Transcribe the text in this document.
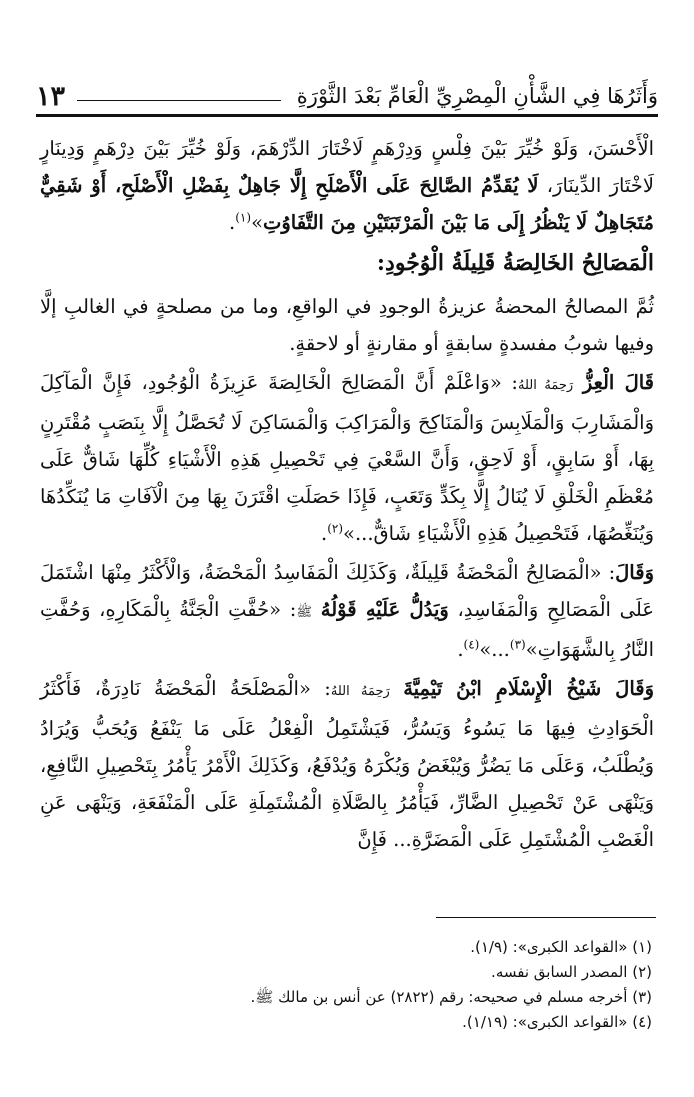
وَأَثَرُهَا فِي الشَّأْنِ الْمِصْرِيِّ الْعَامِّ بَعْدَ الثَّوْرَةِ
١٣

الْأَحْسَنَ، وَلَوْ خُيِّرَ بَيْنَ فِلْسٍ وَدِرْهَمٍ لَاخْتَارَ الدِّرْهَمَ، وَلَوْ خُيِّرَ بَيْنَ دِرْهَمٍ وَدِينَارٍ لَاخْتَارَ الدِّينَارَ، لَا يُقَدِّمُ الصَّالِحَ عَلَى الْأَصْلَحِ إِلَّا جَاهِلٌ بِفَضْلِ الْأَصْلَحِ، أَوْ شَقِيٌّ مُتَجَاهِلٌ لَا يَنْظُرُ إِلَى مَا بَيْنَ الْمَرْتَبَتَيْنِ مِنَ التَّفَاوُتِ»$^{(١)}$.

الْمَصَالِحُ الخَالِصَةُ قَلِيلَةُ الْوُجُودِ:

ثُمَّ المصالحُ المحضةُ عزيزةُ الوجودِ في الواقعِ، وما من مصلحةٍ في الغالبِ إلَّا وفيها شوبُ مفسدةٍ سابقةٍ أو مقارنةٍ أو لاحقةٍ.

قَالَ الْعِزُّ رَحِمَهُ اللهُ: «وَاعْلَمْ أَنَّ الْمَصَالِحَ الْخَالِصَةَ عَزِيزَةُ الْوُجُودِ، فَإِنَّ الْمَآكِلَ وَالْمَشَارِبَ وَالْمَلَابِسَ وَالْمَنَاكِحَ وَالْمَرَاكِبَ وَالْمَسَاكِنَ لَا تُحَصَّلُ إِلَّا بِنَصَبٍ مُقْتَرِنٍ بِهَا، أَوْ سَابِقٍ، أَوْ لَاحِقٍ، وَأَنَّ السَّعْيَ فِي تَحْصِيلِ هَذِهِ الْأَشْيَاءِ كُلِّهَا شَاقٌّ عَلَى مُعْظَمِ الْخَلْقِ لَا يُنَالُ إِلَّا بِكَدٍّ وَتَعَبٍ، فَإِذَا حَصَلَتِ اقْتَرَنَ بِهَا مِنَ الْآفَاتِ مَا يُنَكِّدُهَا وَيُنَغِّصُهَا، فَتَحْصِيلُ هَذِهِ الْأَشْيَاءِ شَاقٌّ...»$^{(٢)}$.

وَقَالَ: «الْمَصَالِحُ الْمَحْضَةُ قَلِيلَةٌ، وَكَذَلِكَ الْمَفَاسِدُ الْمَحْضَةُ، وَالْأَكْثَرُ مِنْهَا اشْتَمَلَ عَلَى الْمَصَالِحِ وَالْمَفَاسِدِ، وَيَدُلُّ عَلَيْهِ قَوْلُهُ ﷺ: «حُفَّتِ الْجَنَّةُ بِالْمَكَارِهِ، وَحُفَّتِ النَّارُ بِالشَّهَوَاتِ»$^{(٣)}$...»$^{(٤)}$.

وَقَالَ شَيْخُ الْإِسْلَامِ ابْنُ تَيْمِيَّةَ رَحِمَهُ اللهُ: «الْمَصْلَحَةُ الْمَحْضَةُ نَادِرَةٌ، فَأَكْثَرُ الْحَوَادِثِ فِيهَا مَا يَسُوءُ وَيَسُرُّ، فَيَشْتَمِلُ الْفِعْلُ عَلَى مَا يَنْفَعُ وَيُحَبُّ وَيُرَادُ وَيُطْلَبُ، وَعَلَى مَا يَضُرُّ وَيُبْغَضُ وَيُكْرَهُ وَيُدْفَعُ، وَكَذَلِكَ الْأَمْرُ يَأْمُرُ بِتَحْصِيلِ النَّافِعِ، وَيَنْهَى عَنْ تَحْصِيلِ الضَّارِّ، فَيَأْمُرُ بِالصَّلَاةِ الْمُشْتَمِلَةِ عَلَى الْمَنْفَعَةِ، وَيَنْهَى عَنِ الْغَصْبِ الْمُشْتَمِلِ عَلَى الْمَضَرَّةِ... فَإِنَّ

(١) «القواعد الكبرى»: (١/٩).
(٢) المصدر السابق نفسه.
(٣) أخرجه مسلم في صحيحه: رقم (٢٨٢٢) عن أنس بن مالك ﷺ.
(٤) «القواعد الكبرى»: (١/١٩).
